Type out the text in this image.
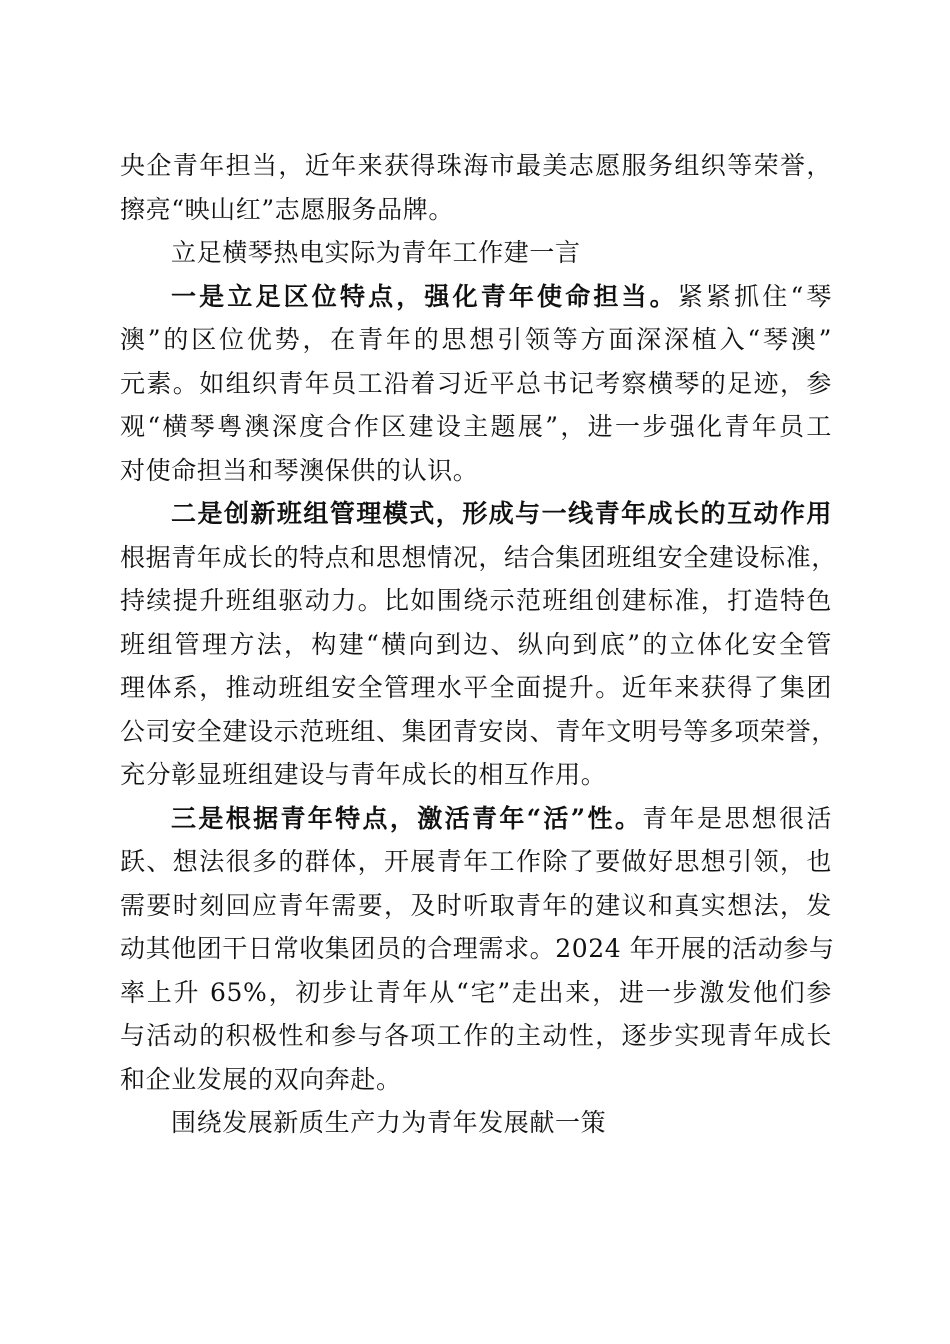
央企青年担当，近年来获得珠海市最美志愿服务组织等荣誉，
擦亮“映山红”志愿服务品牌。
立足横琴热电实际为青年工作建一言
一是立足区位特点，强化青年使命担当。紧紧抓住“琴
澳”的区位优势，在青年的思想引领等方面深深植入“琴澳”
元素。如组织青年员工沿着习近平总书记考察横琴的足迹，参
观“横琴粤澳深度合作区建设主题展”，进一步强化青年员工
对使命担当和琴澳保供的认识。
二是创新班组管理模式，形成与一线青年成长的互动作用
根据青年成长的特点和思想情况，结合集团班组安全建设标准，
持续提升班组驱动力。比如围绕示范班组创建标准，打造特色
班组管理方法，构建“横向到边、纵向到底”的立体化安全管
理体系，推动班组安全管理水平全面提升。近年来获得了集团
公司安全建设示范班组、集团青安岗、青年文明号等多项荣誉，
充分彰显班组建设与青年成长的相互作用。
三是根据青年特点，激活青年“活”性。青年是思想很活
跃、想法很多的群体，开展青年工作除了要做好思想引领，也
需要时刻回应青年需要，及时听取青年的建议和真实想法，发
动其他团干日常收集团员的合理需求。2024 年开展的活动参与
率上升 65%，初步让青年从“宅”走出来，进一步激发他们参
与活动的积极性和参与各项工作的主动性，逐步实现青年成长
和企业发展的双向奔赴。
围绕发展新质生产力为青年发展献一策
